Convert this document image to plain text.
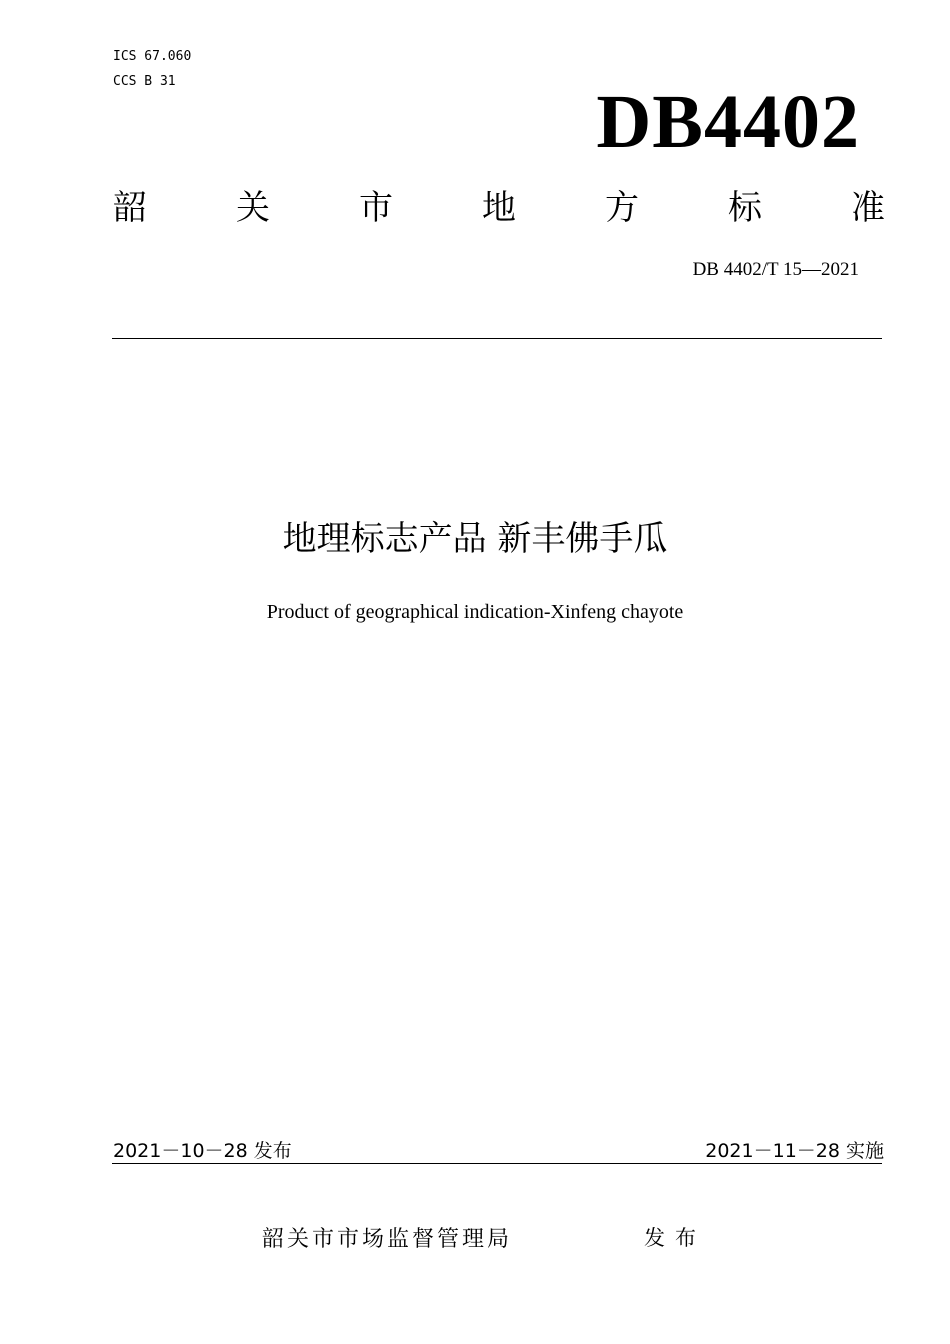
ICS 67.060
CCS B 31	DB4402
韶	关	市	地	方	标	准
DB 4402/T 15—2021
地理标志产品 新丰佛手瓜
Product of geographical indication-Xinfeng chayote
2021－10－28 发布	2021－11－28 实施
韶关市市场监督管理局	发布
